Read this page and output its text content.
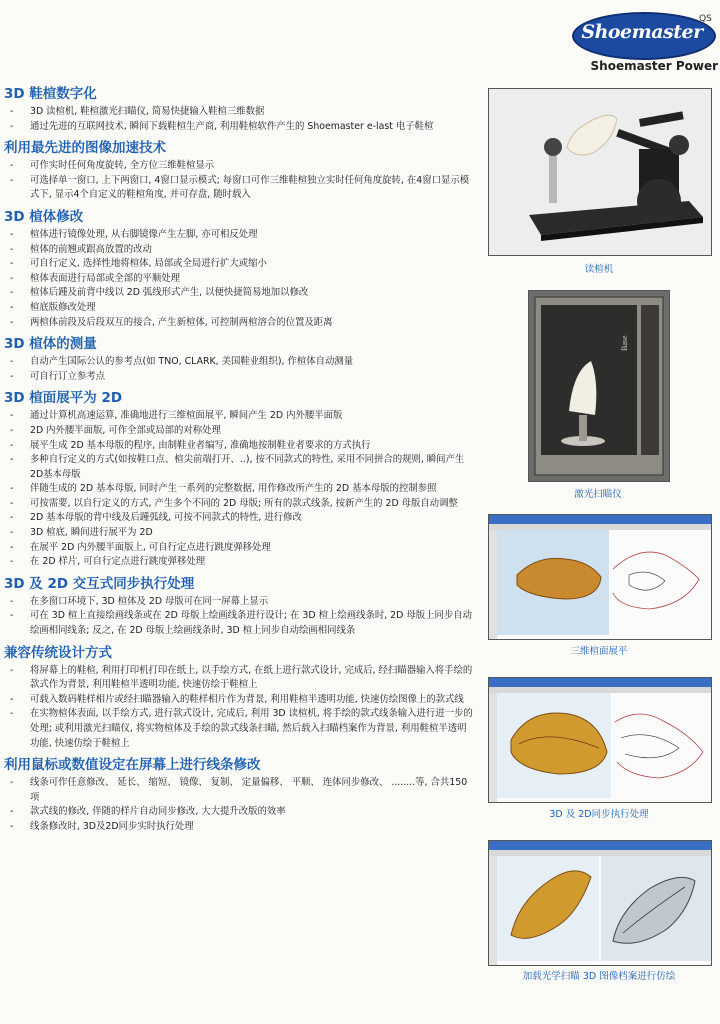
Shoemaster
QS
Shoemaster Power
3D 鞋楦数字化
- 3D 读楦机, 鞋楦激光扫瞄仪, 简易快捷输入鞋楦三维数据
- 通过先进的互联网技术, 瞬间下载鞋楦生产商, 利用鞋楦软件产生的 Shoemaster e-last 电子鞋楦
利用最先进的图像加速技术
- 可作实时任何角度旋转, 全方位三维鞋楦显示
- 可选择单一窗口, 上下两窗口, 4窗口显示模式; 每窗口可作三维鞋楦独立实时任何角度旋转, 在4窗口显示模式下, 显示4个自定义的鞋楦角度, 并可存盘, 随时载入
3D 楦体修改
- 楦体进行镜像处理, 从右脚镜像产生左脚, 亦可相反处理
- 楦体的前翘或跟高放置的改动
- 可自行定义, 选择性地将楦体, 局部或全局进行扩大或缩小
- 楦体表面进行局部或全部的平顺处理
- 楦体后踵及前背中线以 2D 弧线形式产生, 以便快捷简易地加以修改
- 楦底版修改处理
- 两楦体前段及后段双互的接合, 产生新楦体, 可控制两楦溶合的位置及距离
3D 楦体的测量
- 自动产生国际公认的参考点(如 TNO, CLARK, 美国鞋业组织), 作楦体自动测量
- 可自行订立参考点
3D 楦面展平为 2D
- 通过计算机高速运算, 准确地进行三维楦面展平, 瞬间产生 2D 内外腰半面版
- 2D 内外腰半面版, 可作全部或局部的对称处理
- 展平生成 2D 基本母版的程序, 由制鞋业者编写, 准确地按制鞋业者要求的方式执行
- 多种自行定义的方式(如按鞋口点、楦尖前端打开、..), 按不同款式的特性, 采用不同拼合的规则, 瞬间产生2D基本母版
- 伴随生成的 2D 基本母版, 同时产生一系列的完整数据, 用作修改所产生的 2D 基本母版的控制参照
- 可按需要, 以自行定义的方式, 产生多个不同的 2D 母版; 所有的款式线条, 按新产生的 2D 母版自动调整
- 2D 基本母版的背中线及后踵弧线, 可按不同款式的特性, 进行修改
- 3D 楦底, 瞬间进行展平为 2D
- 在展平 2D 内外腰半面版上, 可自行定点进行跳度弹移处理
- 在 2D 样片, 可自行定点进行跳度弹移处理
3D 及 2D 交互式同步执行处理
- 在多窗口环境下, 3D 楦体及 2D 母版可在同一屏幕上显示
- 可在 3D 楦上直接绘画线条或在 2D 母版上绘画线条进行设计; 在 3D 楦上绘画线条时, 2D 母版上同步自动绘画相同线条; 反之, 在 2D 母版上绘画线条时, 3D 楦上同步自动绘画相同线条
兼容传统设计方式
- 将屏幕上的鞋楦, 利用打印机打印在纸上, 以手绘方式, 在纸上进行款式设计, 完成后, 经扫瞄器输入将手绘的款式作为背景, 利用鞋楦半透明功能, 快速仿绘于鞋楦上
- 可载入数码鞋样相片或经扫瞄器输入的鞋样相片作为背景, 利用鞋楦半透明功能, 快速仿绘图像上的款式线
- 在实物楦体表面, 以手绘方式, 进行款式设计, 完成后, 利用 3D 读楦机, 将手绘的款式线条输入进行进一步的处理; 或利用激光扫瞄仪, 将实物楦体及手绘的款式线条扫瞄, 然后载入扫瞄档案作为背景, 利用鞋楦半透明功能, 快速仿绘于鞋楦上
利用鼠标或数值设定在屏幕上进行线条修改
- 线条可作任意修改、 延长、 缩短、 镜像、 复制、 定量偏移、 平顺、 连体同步修改、 ........等, 合共150项
- 款式线的修改, 伴随的样片自动同步修改, 大大提升改版的效率
- 线条修改时, 3D及2D同步实时执行处理
读楦机
Base
激光扫瞄仪
三维楦面展平
3D 及 2D同步执行处理
加载光学扫瞄 3D 图像档案进行仿绘
